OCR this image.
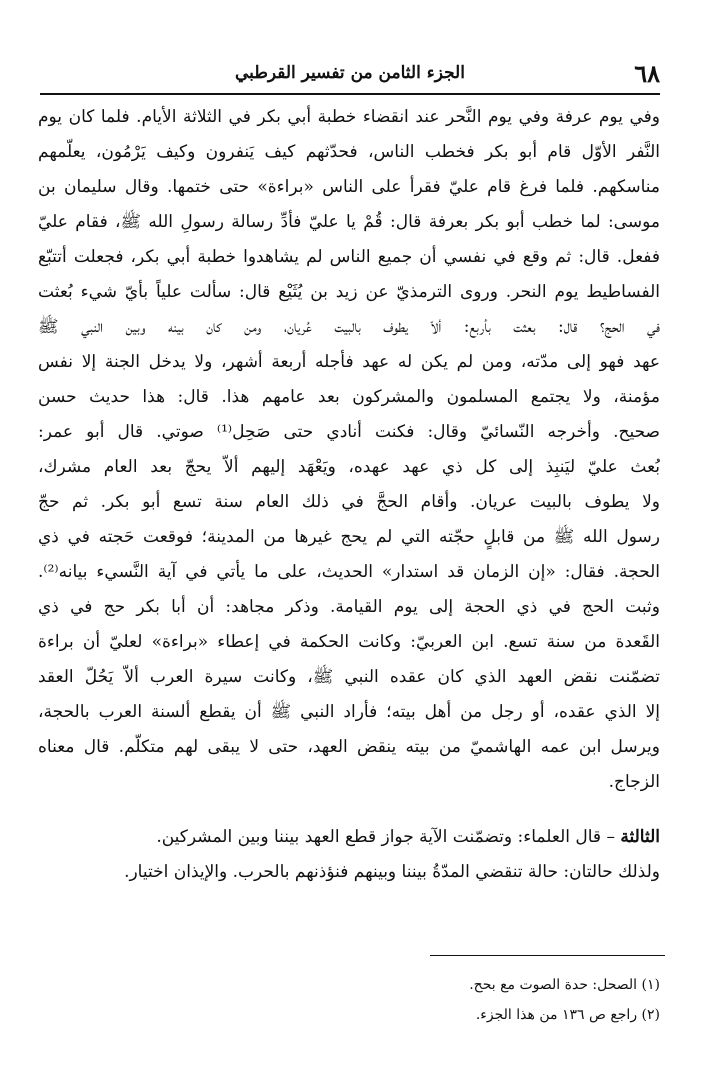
٦٨
الجزء الثامن من تفسير القرطبي
وفي يوم عرفة وفي يوم النَّحر عند انقضاء خطبة أبي بكر في الثلاثة الأيام. فلما كان يوم
النَّفر الأوّل قام أبو بكر فخطب الناس، فحدّثهم كيف يَنفرون وكيف يَرْمُون، يعلّمهم
مناسكهم. فلما فرغ قام عليّ فقرأ على الناس «براءة» حتى ختمها. وقال سليمان بن
موسى: لما خطب أبو بكر بعرفة قال: قُمْ يا عليّ فأدِّ رسالة رسولِ الله ﷺ، فقام عليّ
ففعل. قال: ثم وقع في نفسي أن جميع الناس لم يشاهدوا خطبة أبي بكر، فجعلت أتتبّع
الفساطيط يوم النحر. وروى الترمذيّ عن زيد بن يُثَيْع قال: سألت علياً بأيّ شيء بُعثت
في الحج؟ قال: بعثت بأربع: ألاّ يطوف بالبيت عُريان، ومن كان بينه وبين النبي ﷺ
عهد فهو إلى مدّته، ومن لم يكن له عهد فأجله أربعة أشهر، ولا يدخل الجنة إلا نفس
مؤمنة، ولا يجتمع المسلمون والمشركون بعد عامهم هذا. قال: هذا حديث حسن
صحيح. وأخرجه النّسائيّ وقال: فكنت أنادي حتى صَحِل⁽¹⁾ صوتي. قال أبو عمر:
بُعث عليّ ليَنبِذ إلى كل ذي عهد عهده، ويَعْهَد إليهم ألاّ يحجّ بعد العام مشرك،
ولا يطوف بالبيت عريان. وأقام الحجَّ في ذلك العام سنة تسع أبو بكر. ثم حجّ
رسول الله ﷺ من قابلٍ حجّته التي لم يحج غيرها من المدينة؛ فوقعت حَجته في ذي
الحجة. فقال: «إن الزمان قد استدار» الحديث، على ما يأتي في آية النَّسيء بيانه⁽²⁾.
وثبت الحج في ذي الحجة إلى يوم القيامة. وذكر مجاهد: أن أبا بكر حج في ذي
القَعدة من سنة تسع. ابن العربيّ: وكانت الحكمة في إعطاء «براءة» لعليّ أن براءة
تضمّنت نقض العهد الذي كان عقده النبي ﷺ، وكانت سيرة العرب ألاّ يَحُلّ العقد
إلا الذي عقده، أو رجل من أهل بيته؛ فأراد النبي ﷺ أن يقطع ألسنة العرب بالحجة،
ويرسل ابن عمه الهاشميّ من بيته ينقض العهد، حتى لا يبقى لهم متكلّم. قال معناه
الزجاج.
الثالثة – قال العلماء: وتضمّنت الآية جواز قطع العهد بيننا وبين المشركين.
ولذلك حالتان: حالة تنقضي المدّةُ بيننا وبينهم فنؤذنهم بالحرب. والإيذان اختيار.
(١) الصحل: حدة الصوت مع بحح.
(٢) راجع ص ١٣٦ من هذا الجزء.
